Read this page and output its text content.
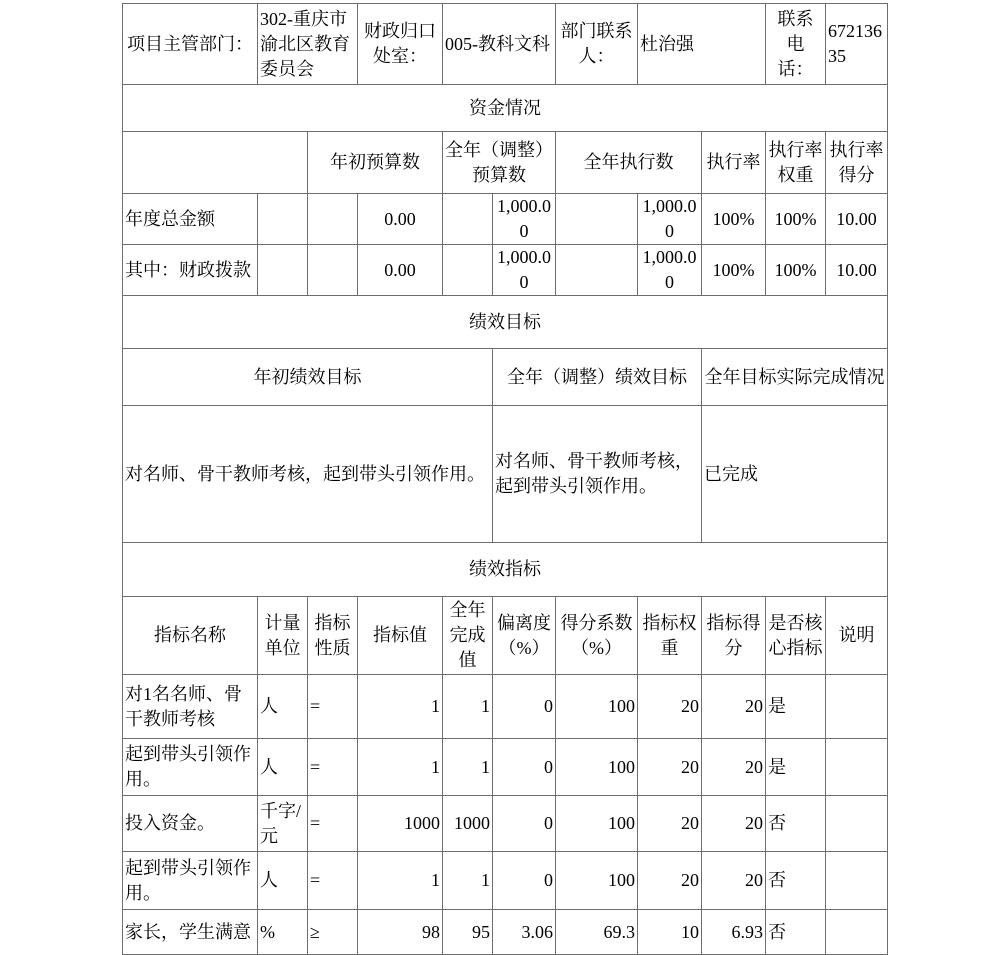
项目主管部门：	302-重庆市渝北区教育委员会		财政归口处室：	005-教科文科		部门联系人：	杜治强		联系电话：	67213635
资金情况										
		年初预算数		全年（调整）预算数		全年执行数		执行率	执行率权重	执行率得分
年度总金额			0.00		1,000.00		1,000.00	100%	100%	10.00
其中：财政拨款			0.00		1,000.00		1,000.00	100%	100%	10.00
绩效目标										
年初绩效目标					全年（调整）绩效目标			全年目标实际完成情况		
对名师、骨干教师考核，起到带头引领作用。					对名师、骨干教师考核，起到带头引领作用。			已完成		
绩效指标										
指标名称	计量单位	指标性质	指标值	全年完成值	偏离度（%）	得分系数（%）	指标权重	指标得分	是否核心指标	说明
对1名名师、骨干教师考核	人	=	1	1	0	100	20	20	是	
起到带头引领作用。	人	=	1	1	0	100	20	20	是	
投入资金。	千字/元	=	1000	1000	0	100	20	20	否	
起到带头引领作用。	人	=	1	1	0	100	20	20	否	
家长，学生满意	%	≥	98	95	3.06	69.3	10	6.93	否	
